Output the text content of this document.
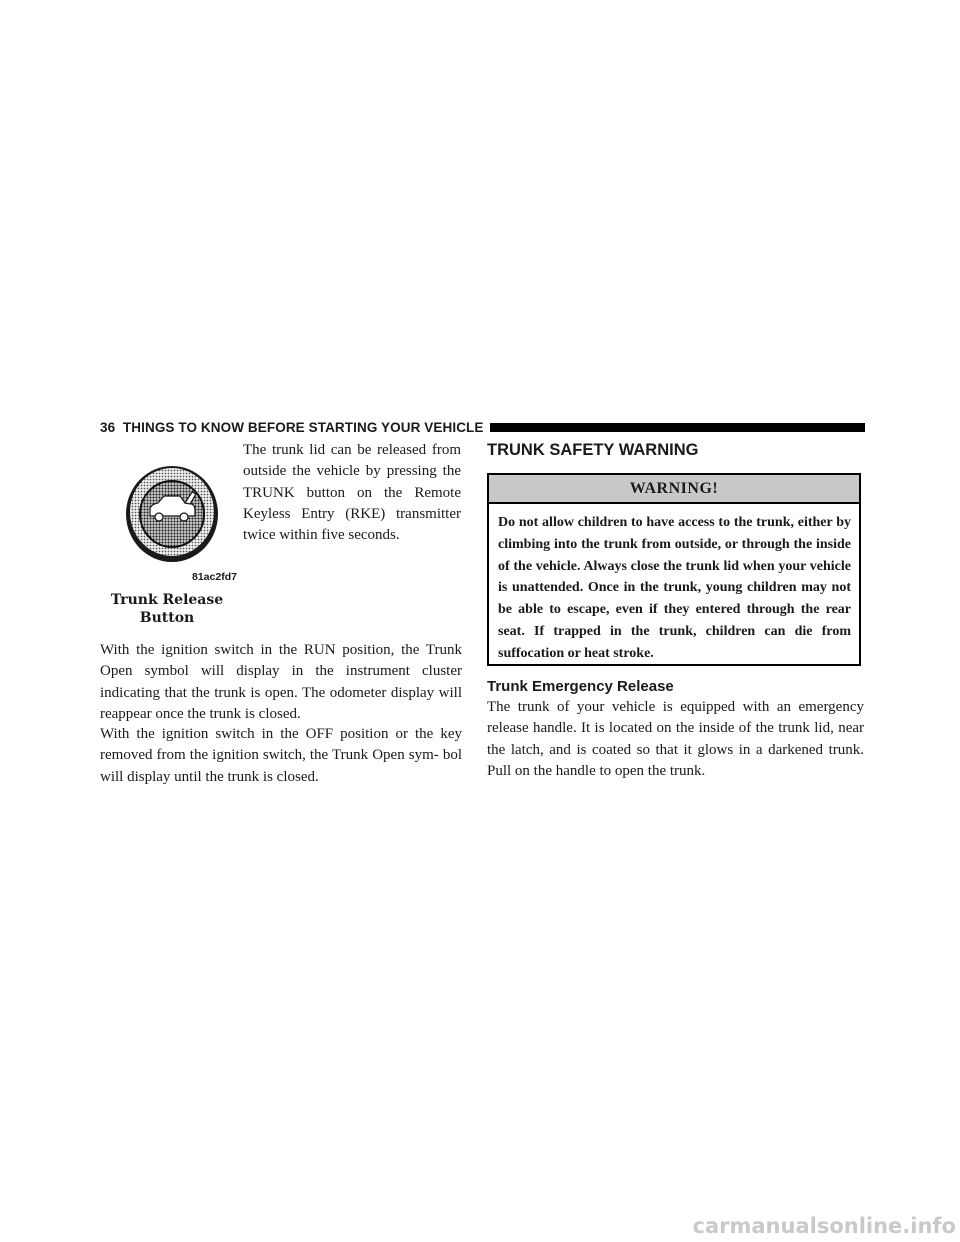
36 THINGS TO KNOW BEFORE STARTING YOUR VEHICLE
81ac2fd7
Trunk Release Button
The trunk lid can be released from outside the vehicle by pressing the TRUNK button on the Remote Keyless Entry (RKE) transmitter twice within five seconds.

With the ignition switch in the RUN position, the Trunk Open symbol will display in the instrument cluster indicating that the trunk is open. The odometer display will reappear once the trunk is closed.

With the ignition switch in the OFF position or the key removed from the ignition switch, the Trunk Open sym- bol will display until the trunk is closed.

TRUNK SAFETY WARNING
WARNING!
Do not allow children to have access to the trunk, either by climbing into the trunk from outside, or through the inside of the vehicle. Always close the trunk lid when your vehicle is unattended. Once in the trunk, young children may not be able to escape, even if they entered through the rear seat. If trapped in the trunk, children can die from suffocation or heat stroke.
Trunk Emergency Release

The trunk of your vehicle is equipped with an emergency release handle. It is located on the inside of the trunk lid, near the latch, and is coated so that it glows in a darkened trunk. Pull on the handle to open the trunk.

carmanualsonline.info
